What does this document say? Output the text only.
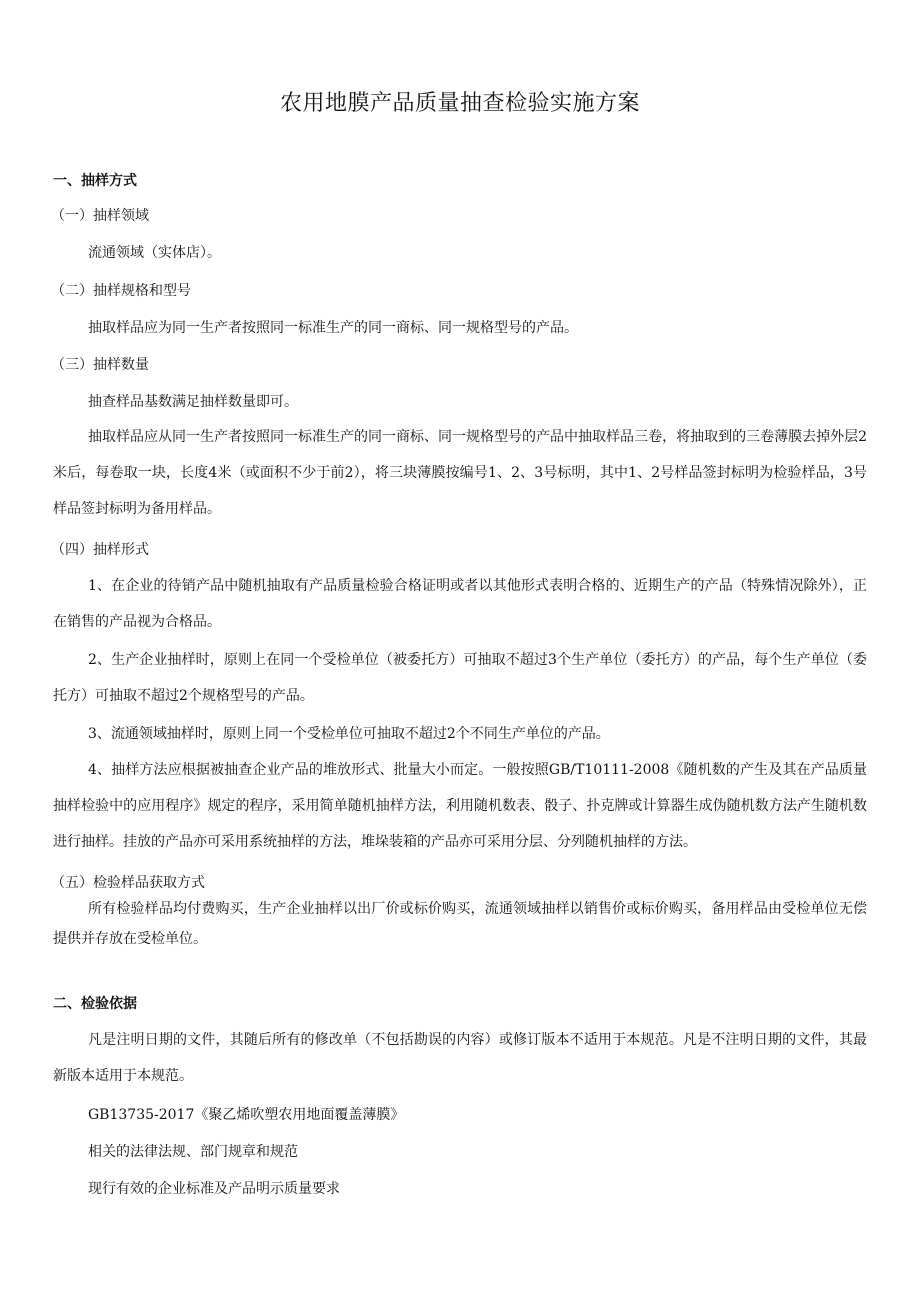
农用地膜产品质量抽查检验实施方案
一、抽样方式

（一）抽样领域

流通领域（实体店）。

（二）抽样规格和型号

抽取样品应为同一生产者按照同一标准生产的同一商标、同一规格型号的产品。

（三）抽样数量

抽查样品基数满足抽样数量即可。

抽取样品应从同一生产者按照同一标准生产的同一商标、同一规格型号的产品中抽取样品三卷，将抽取到的三卷薄膜去掉外层2米后，每卷取一块，长度4米（或面积不少于前2），将三块薄膜按编号1、2、3号标明，其中1、2号样品签封标明为检验样品，3号样品签封标明为备用样品。

（四）抽样形式

1、在企业的待销产品中随机抽取有产品质量检验合格证明或者以其他形式表明合格的、近期生产的产品（特殊情况除外），正在销售的产品视为合格品。

2、生产企业抽样时，原则上在同一个受检单位（被委托方）可抽取不超过3个生产单位（委托方）的产品，每个生产单位（委托方）可抽取不超过2个规格型号的产品。

3、流通领域抽样时，原则上同一个受检单位可抽取不超过2个不同生产单位的产品。

4、抽样方法应根据被抽查企业产品的堆放形式、批量大小而定。一般按照GB/T10111-2008《随机数的产生及其在产品质量抽样检验中的应用程序》规定的程序，采用简单随机抽样方法，利用随机数表、骰子、扑克牌或计算器生成伪随机数方法产生随机数进行抽样。挂放的产品亦可采用系统抽样的方法，堆垛装箱的产品亦可采用分层、分列随机抽样的方法。

（五）检验样品获取方式

所有检验样品均付费购买，生产企业抽样以出厂价或标价购买，流通领域抽样以销售价或标价购买，备用样品由受检单位无偿提供并存放在受检单位。

二、检验依据

凡是注明日期的文件，其随后所有的修改单（不包括勘误的内容）或修订版本不适用于本规范。凡是不注明日期的文件，其最新版本适用于本规范。

GB13735-2017《聚乙烯吹塑农用地面覆盖薄膜》

相关的法律法规、部门规章和规范

现行有效的企业标准及产品明示质量要求
